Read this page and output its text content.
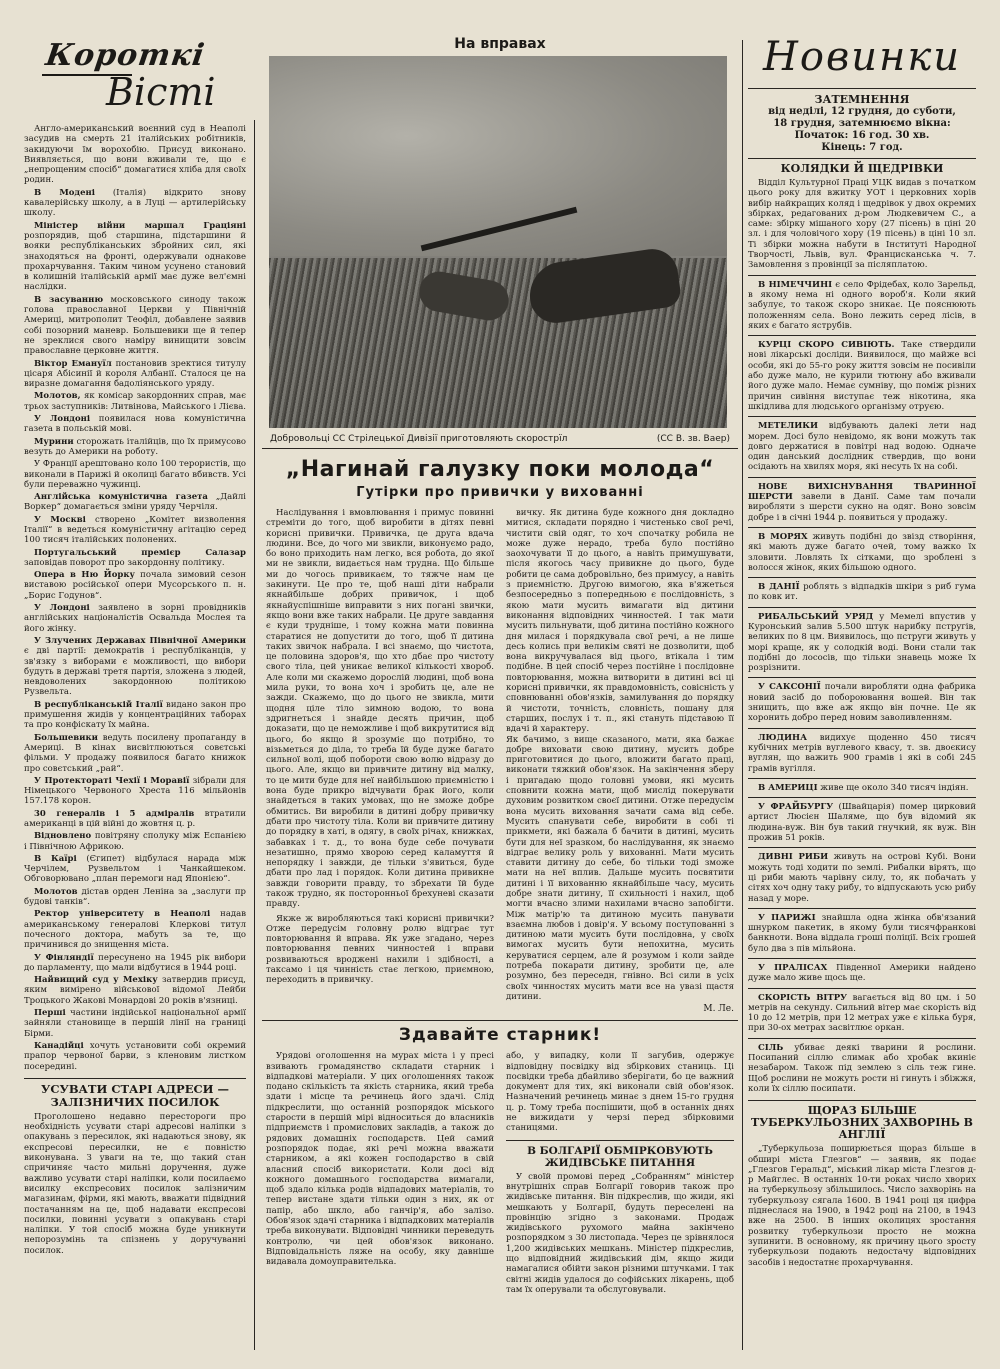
Короткі
Вісті

Англо-американський воєнний суд в Неаполі засудив на смерть 21 італійських робітників, закидуючи їм ворохобію. Присуд виконано. Виявляється, що вони вживали те, що є „непрощеним спосіб“ домагатися хліба для своїх родин.

В Модені (Італія) відкрито знову кавалерійську школу, а в Луці — артилерійську школу.

Міністер війни маршал Граціяні розпорядив, щоб старшина, підстаршини й вояки республіканських збройних сил, які знаходяться на фронті, одержували однакове прохарчування. Таким чином усунено становий в колишній італійській армії має дуже вел'ємні наслідки.

В засуванню московського синоду також голова православної Церкви у Північній Америці, митрополит Теофіл, добавлене заявив собі позорний маневр. Большевики ще й тепер не зреклися свого наміру винищити зовсім православне церковне життя.

Віктор Емануїл постановив зректися титулу цісаря Абісинії й короля Албанії. Сталося це на виразне домагання бадоліянського уряду.

Молотов, як комісар закордонних справ, має трьох заступників: Литвінова, Майського і Лієва.

У Лондоні появилася нова комуністична газета в польській мові.

Мурини сторожать італійців, що їх примусово везуть до Америки на роботу.

У Франції арештовано коло 100 терористів, що виконали в Парижі й околиці багато вбивств. Усі були переважно чужинці.

Англійська комуністична газета „Дайлі Воркер“ домагається зміни уряду Черчіля.

У Москві створено „Комітет визволення Італії“ в ведеться комуністичну агітацію серед 100 тисяч італійських полонених.

Португальський премієр Салазар заповідав поворот про закордонну політику.

Опера в Ню Йорку почала зимовий сезон виставою російської опери Мусорського п. н. „Борис Годунов“.

У Лондоні заявлено в зорні провідників англійських націоналістів Освальда Мослея та його жінку.

У Злучених Державах Північної Америки є дві партії: демократів і республіканців, у зв'язку з виборами є можливості, що вибори будуть в державі третя партія, зложена з людей, невдоволених закордонною політикою Рузвельта.

В республіканській Італії видано закон про примушення жидів у концентраційних таборах та про конфіскату їх майна.

Большевики ведуть посилену пропаганду в Америці. В кінах висвітлюються совєтські фільми. У продажу появилося багато книжок про совєтський „рай“.

У Протектораті Чехії і Моравії зібрали для Німецького Червоного Хреста 116 мільйонів 157.178 корон.

30 генералів і 5 адміралів втратили американці в цій війні до жовтня ц. р.

Відновлено повітряну сполуку між Еспанією і Північною Африкою.

В Каїрі (Єгипет) відбулася нарада між Черчілем, Рузвельтом і Чанкайшеком. Обговорювано „план перемоги над Японією“.

Молотов дістав орден Леніна за „заслуги пр будові танків“.

Ректор університету в Неаполі надав американському генералові Клеркові титул почесного доктора, мабуть за те, що причинився до знищення міста.

У Фінляндії пересунено на 1945 рік вибори до парламенту, що мали відбутися в 1944 році.

Найвищий суд у Мехіку затвердив присуд, яким вимірено військової відомої Лейби Троцького Жакові Монардові 20 років в'язниці.

Перші частини індійської національної армії зайняли становище в першій лінії на границі Бірми.

Канадійці хочуть установити собі окремий прапор червоної барви, з кленовим листком посередині.

УСУВАТИ СТАРІ АДРЕСИ — ЗАЛІЗНИЧИХ ПОСИЛОК

Проголошено недавно перестороги про необхідність усувати старі адресові наліпки з опакувань з пересилок, які надаються знову, як експресові пересилки, не є повністю виконувана. З уваги на те, що такий стан спричиняє часто мильні доручення, дуже важливо усувати старі наліпки, коли посилаємо висилку експресових посилок залізничим магазинам, фірми, які мають, вважати підвідний постачанням на це, щоб надавати експресові посилки, повинні усувати з опакувань старі наліпки. У той спосіб можна буде уникнути непорозумінь та спізнень у доручуванні посилок.

На вправах
Добровольці СС Стрілецької Дивізії приготовляють скорострїл	(СС В. зв. Ваер)
„Нагинай галузку поки молода“
Гутірки про привички у вихованні

Наслідування і вмовлювання і примус повинні стреміти до того, щоб виробити в дітях певні корисні привички. Привичка, це друга вдача людини. Все, до чого ми звикли, виконуємо радо, бо воно приходить нам легко, вся робота, до якої ми не звикли, видається нам трудна. Що більше ми до чогось привикаєм, то тяжче нам це закинути. Це про те, щоб наші діти набрали якнайбільше добрих привичок, і щоб якнайуспішніше виправити з них погані звички, якщо вони вже таких набрали. Це друге завдання є куди трудніше, і тому кожна мати повинна старатися не допустити до того, щоб її дитина таких звичок набрала. І всі знаємо, що чистота, це половина здоров'я, що хто дбає про чистоту свого тіла, цей уникає великої кількості хвороб. Але коли ми скажемо дорослій людині, щоб вона мила руки, то вона хоч і зробить це, але не зажди. Скажемо, що до цього не звикла, мити щодня ціле тіло зимною водою, то вона здригнеться і знайде десять причин, щоб доказати, що це неможливе і щоб викрутитися від цього, бо якщо й зрозуміє що потрібно, то візьметься до діла, то треба їй буде дуже багато сильної волі, щоб побороти свою волю відразу до цього. Але, якщо ви привчите дитину від малку, то це мити буде для неї найбільшою приємністю і вона буде прикро відчувати брак його, коли знайдеться в таких умовах, що не зможе добре обмитись. Ви виробили в дитині добру привичку дбати про чистоту тіла. Коли ви привчите дитину до порядку в хаті, в одягу, в своїх річах, книжках, забавках і т. д., то вона буде себе почувати незатишно, прямо хворою серед каламуття й непорядку і завжди, де тільки з'явиться, буде дбати про лад і порядок. Коли дитина привикне завжди говорити правду, то збрехати їй буде також трудно, як посторонньої брехуневі сказати правду.

Якже ж виробляються такі корисні привички? Отже передусім головну ролю відграє тут повторювання й вправа. Як уже згадано, через повторювання певних чинностей і вправи розвиваються вроджені нахили і здібності, а таксамо і ця чинність стає легкою, приємною, переходить в привичку.

вичку. Як дитина буде кожного дня докладно митися, складати порядно і чистенько свої речі, чистити свій одяг, то хоч спочатку робила не може дуже нерадо, треба було постійно заохочувати її до цього, а навіть примушувати, після якогось часу привикне до цього, буде робити це сама добровільно, без примусу, а навіть з приємністю. Другою вимогою, яка в'яжеться безпосередньо з попередньою є послідовність, з якою мати мусить вимагати від дитини виконання відповідних чинностей. І так мати мусить пильнувати, щоб дитина постійно кожного дня милася і порядкувала свої речі, а не лише десь колись при великім святі не дозволити, щоб вона викручувалася від цього, втікала і тим подібне. В цей спосіб через постійне і послідовне повторювання, можна витворити в дитині всі ці корисні привички, як правдомовність, совісність у сповнюванні обов'язків, замилування до порядку й чистоти, точність, словність, пошану для старших, послух і т. п., які стануть підставою її вдачі й характеру.
Як бачимо, з вище сказаного, мати, яка бажає добре виховати свою дитину, мусить добре приготовитися до цього, вложити багато праці, виконати тяжкий обов'язок. На закінчення зберу і пригадаю щодо головні умови, які мусить сповнити кожна мати, щоб мислід покерувати духовим розвитком своєї дитини. Отже передусім вона мусить виховання зачати сама від себе. Мусить спанувати себе, виробити в собі ті прикмети, які бажала б бачити в дитині, мусить бути для неї зразком, бо наслідування, як знаємо відграє велику роль у вихованні. Мати мусить ставити дитину до себе, бо тільки тоді зможе мати на неї вплив. Дальше мусить посвятити дитині і її вихованню якнайбільше часу, мусить добре знати дитину, її схильності і нахил, щоб могти вчасно злими нахилами вчасно запобігти. Між матір'ю та дитиною мусить панувати взаємна любов і довір'я. У всьому поступованні з дитиною мати мусить бути послідовна, у своїх вимогах мусить бути непохитна, мусить керуватися серцем, але й розумом і коли зайде потреба покарати дитину, зробити це, але розумно, без переседн, гнівно. Всі сили в усіх своїх чинностях мусить мати все на увазі щастя дитини.

М. Ле.
Здавайте старник!

Урядові оголошення на мурах міста і у пресі взивають громадянство складати старник і відпадкові матеріали. У цих оголошеннях також подано скількість та якість старника, який треба здати і місце та речинець його здачі. Слід підкреслити, що останній розпорядок міського старости в першій мірі відноситься до власників підприємств і промислових закладів, а також до рядових домашніх господарств. Цей самий розпорядок подає, які речі можна вважати старником, а які кожен господарство в свій власний спосіб використати. Коли досі від кожного домашнього господарства вимагали, щоб здало кілька родів відпадових матеріалів, то тепер вистане здати тільки один з них, як от папір, або шкло, або ганчір'я, або залізо. Обов'язок здачі старника і відпадкових матеріалів треба виконувати. Відповідні чинники переведуть контролю, чи цей обов'язок виконано. Відповідальність ляже на особу, яку давніше видавала домоуправителька.

або, у випадку, коли її загубив, одержує відповідну посвідку від збіркових станиць. Ці посвідки треба дбайливо зберігати, бо це важний документ для тих, які виконали свій обов'язок. Назначений речинець минає з днем 15-го грудня ц. р. Тому треба поспішити, щоб в останніх днях не вижидати у черзі перед збірковими станицями.

В БОЛГАРІЇ ОБМІРКОВУЮТЬ ЖИДІВСЬКЕ ПИТАННЯ

У своїй промові перед „Собранням“ міністер внутрішніх справ Болгарії говорив також про жидівське питання. Він підкреслив, що жиди, які мешкають у Болгарії, будуть переселені на провінцію згідно з законами. Продаж жидівського рухомого майна закінчено розпорядком з 30 листопада. Через це зрівнялося 1,200 жидівських мешкань. Міністер підкреслив, що відповідний жидівський дім, якщо жиди намагалися обійти закон різними штучками. І так світні жидів удалося до софійських лікарень, щоб там їх оперували та обслуговували.

Новинки
ЗАТЕМНЕННЯ
від неділі, 12 грудня, до суботи,
18 грудня, затемнюємо вікна:
Початок: 16 год. 30 хв.
Кінець: 7 год.
КОЛЯДКИ Й ЩЕДРІВКИ

Відділ Культурної Праці УЦК видав з початком цього року для вжитку УОТ і церковних хорів вибір найкращих коляд і щедрівок у двох окремих збірках, редагованих д-ром Людкевичем С., а саме: збірку мішаного хору (27 пісень) в ціні 20 зл. і для чоловічого хору (19 пісень) в ціні 10 зл. Ті збірки можна набути в Інституті Народної Творчості, Львів, вул. Францисканська ч. 7. Замовлення з провінції за післяплатою.

В НІМЕЧЧИНІ є село Фрідебах, коло Зарельд, в якому нема ні одного вороб'я. Коли який забулує, то також скоро зникає. Це пояснюють положенням села. Воно лежить серед лісів, в яких є багато яструбів.

КУРЦІ СКОРО СИВІЮТЬ. Таке ствердили нові лікарські досліди. Виявилося, що майже всі особи, які до 55-го року життя зовсім не посивіли або дуже мало, не курили тютюну або вживали його дуже мало. Немає сумніву, що поміж різних причин сивіння виступає теж нікотина, яка шкідлива для людського організму отруєю.

МЕТЕЛИКИ відбувають далекі лети над морем. Досі було невідомо, як вони можуть так довго держатися в повітрі над водою. Одначе один данський дослідник ствердив, що вони осідають на хвилях моря, які несуть їх на собі.

НОВЕ ВИХІСНУВАННЯ ТВАРИННОЇ ШЕРСТИ завели в Данії. Саме там почали виробляти з шерсти сукно на одяг. Воно зовсім добре і в січні 1944 р. появиться у продажу.

В МОРЯХ живуть подібні до звізд створіння, які мають дуже багато очей, тому важко їх зловити. Ловлять їх сітками, що зроблені з волосся жінок, яких більшою одного.

В ДАНІЇ роблять з відпадків шкіри з риб гума по ковк ит.

РИБАЛЬСЬКИЙ УРЯД у Мемелі впустив у Куронський залив 5.500 штук нарибку пстругів, великих по 8 цм. Виявилось, що пструги живуть у морі краще, як у солодкій воді. Вони стали так подібні до лососів, що тільки знавець може їх розрізнити.

У САКСОНІЇ почали виробляти одна фабрика новий засіб до побороювання вошей. Він так знищить, що вже аж якщо він почне. Це як хоронить добро перед новим заволивленням.

ЛЮДИНА видихує щоденно 450 тисяч кубічних метрів вуглевого квасу, т. зв. двоєкису вуглян, що важить 900 грамів і які в собі 245 грамів вугілля.

В АМЕРИЦІ живе ще около 340 тисяч індіян.

У ФРАЙБУРГУ (Швайцарія) помер цирковий артист Люсієн Шаляме, що був відомий як людина-вуж. Він був такий гнучкий, як вуж. Він прожив 51 років.

ДИВНІ РИБИ живуть на острові Кубі. Вони можуть тоді ходити по землі. Рибалки вірять, що ці риби мають чарівну силу, то, як побачать у сітях хоч одну таку рибу, то відпускають усю рибу назад у море.

У ПАРИЖІ знайшла одна жінка обв'язаний шнурком пакетик, в якому були тисячфранкові банкноти. Вона віддала гроші поліції. Всіх грошей було два з пів мільйона.

У ПРАЛІСАХ Південної Америки найдено дуже мало живе щось ще.

СКОРІСТЬ ВІТРУ вагається від 80 цм. і 50 метрів на секунду. Сильний вітер має скорість від 10 до 12 метрів, при 12 метрах уже є кілька буря, при 30-ох метрах засвітлює оркан.

СІЛЬ убиває деякі тварини й рослини. Посипаний сіллю слимак або хробак вкиніє незабаром. Також під землею з сіль теж гине. Щоб рослини не можуть рости ні гинуть і збіжжя, коли їх сіллю посипати.

ЩОРАЗ БІЛЬШЕ ТУБЕРКУЛЬОЗНИХ ЗАХВОРІНЬ В АНГЛІЇ

„Туберкульоза поширюється щораз більше в обширі міста Глезгов“ — заявив, як подає „Глезгов Геральд“, міський лікар міста Глезгов д-р Майглес. В останніх 10-ти роках число хворих на туберкульозу збільшилось. Число захворінь на туберкульозу сягала 1600. В 1941 році ця цифра піднеслася на 1900, в 1942 році на 2100, в 1943 вже на 2500. В інших околицях зростання розвитку туберкульози просто не можна зупинити. В основному, як причину цього зросту туберкульози подають недостачу відповідних засобів і недостатнє прохарчування.
